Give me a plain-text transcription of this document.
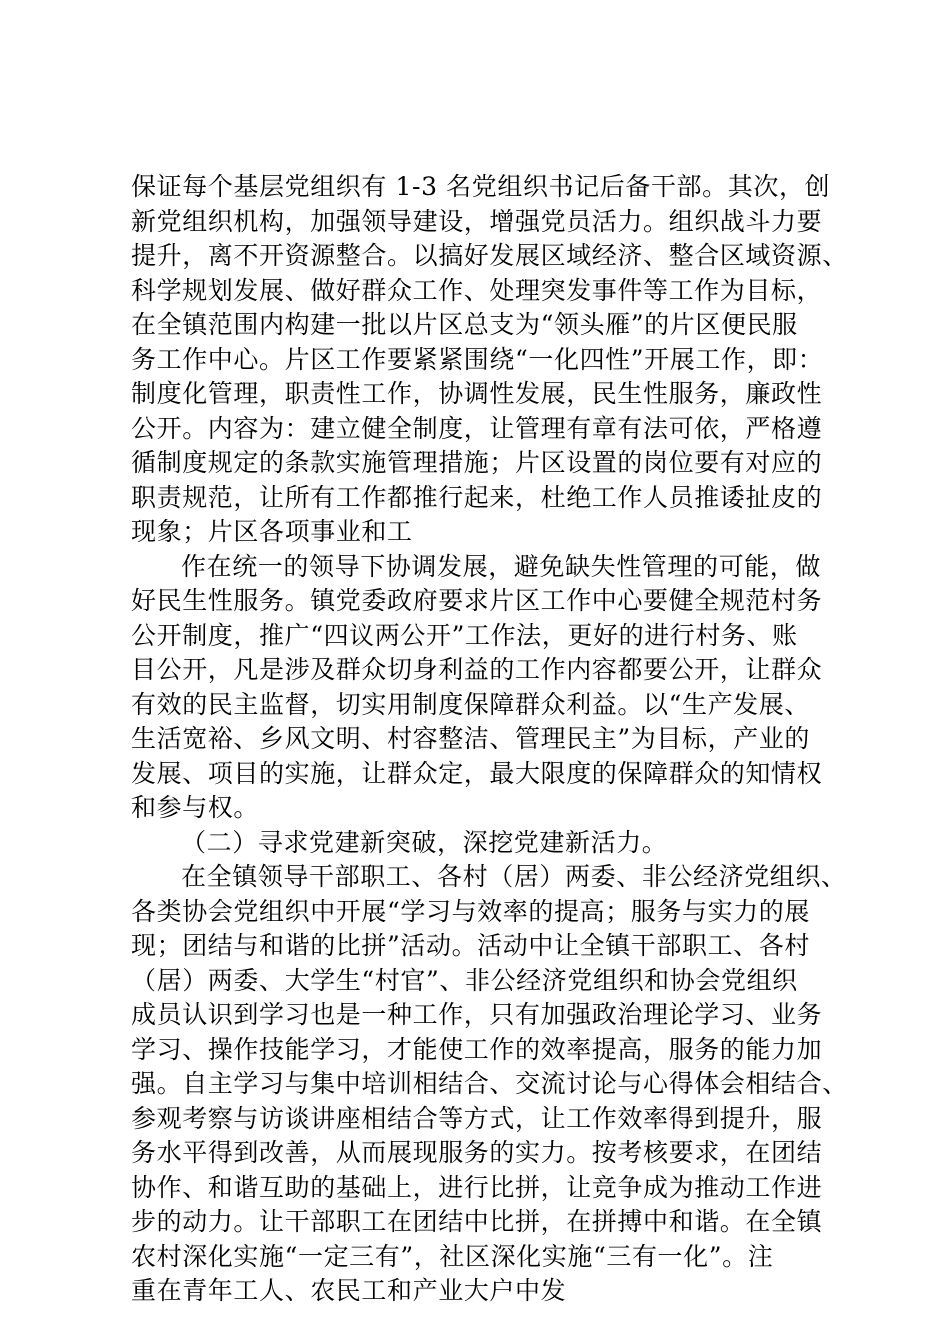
保证每个基层党组织有 1-3 名党组织书记后备干部。其次，创
新党组织机构，加强领导建设，增强党员活力。组织战斗力要
提升，离不开资源整合。以搞好发展区域经济、整合区域资源、
科学规划发展、做好群众工作、处理突发事件等工作为目标，
在全镇范围内构建一批以片区总支为“领头雁”的片区便民服
务工作中心。片区工作要紧紧围绕“一化四性”开展工作，即：
制度化管理，职责性工作，协调性发展，民生性服务，廉政性
公开。内容为：建立健全制度，让管理有章有法可依，严格遵
循制度规定的条款实施管理措施；片区设置的岗位要有对应的
职责规范，让所有工作都推行起来，杜绝工作人员推诿扯皮的
现象；片区各项事业和工
作在统一的领导下协调发展，避免缺失性管理的可能，做
好民生性服务。镇党委政府要求片区工作中心要健全规范村务
公开制度，推广“四议两公开”工作法，更好的进行村务、账
目公开，凡是涉及群众切身利益的工作内容都要公开，让群众
有效的民主监督，切实用制度保障群众利益。以“生产发展、
生活宽裕、乡风文明、村容整洁、管理民主”为目标，产业的
发展、项目的实施，让群众定，最大限度的保障群众的知情权
和参与权。
（二）寻求党建新突破，深挖党建新活力。
在全镇领导干部职工、各村（居）两委、非公经济党组织、
各类协会党组织中开展“学习与效率的提高；服务与实力的展
现；团结与和谐的比拼”活动。活动中让全镇干部职工、各村
（居）两委、大学生“村官”、非公经济党组织和协会党组织
成员认识到学习也是一种工作，只有加强政治理论学习、业务
学习、操作技能学习，才能使工作的效率提高，服务的能力加
强。自主学习与集中培训相结合、交流讨论与心得体会相结合、
参观考察与访谈讲座相结合等方式，让工作效率得到提升，服
务水平得到改善，从而展现服务的实力。按考核要求，在团结
协作、和谐互助的基础上，进行比拼，让竞争成为推动工作进
步的动力。让干部职工在团结中比拼，在拼搏中和谐。在全镇
农村深化实施“一定三有”，社区深化实施“三有一化”。注
重在青年工人、农民工和产业大户中发
